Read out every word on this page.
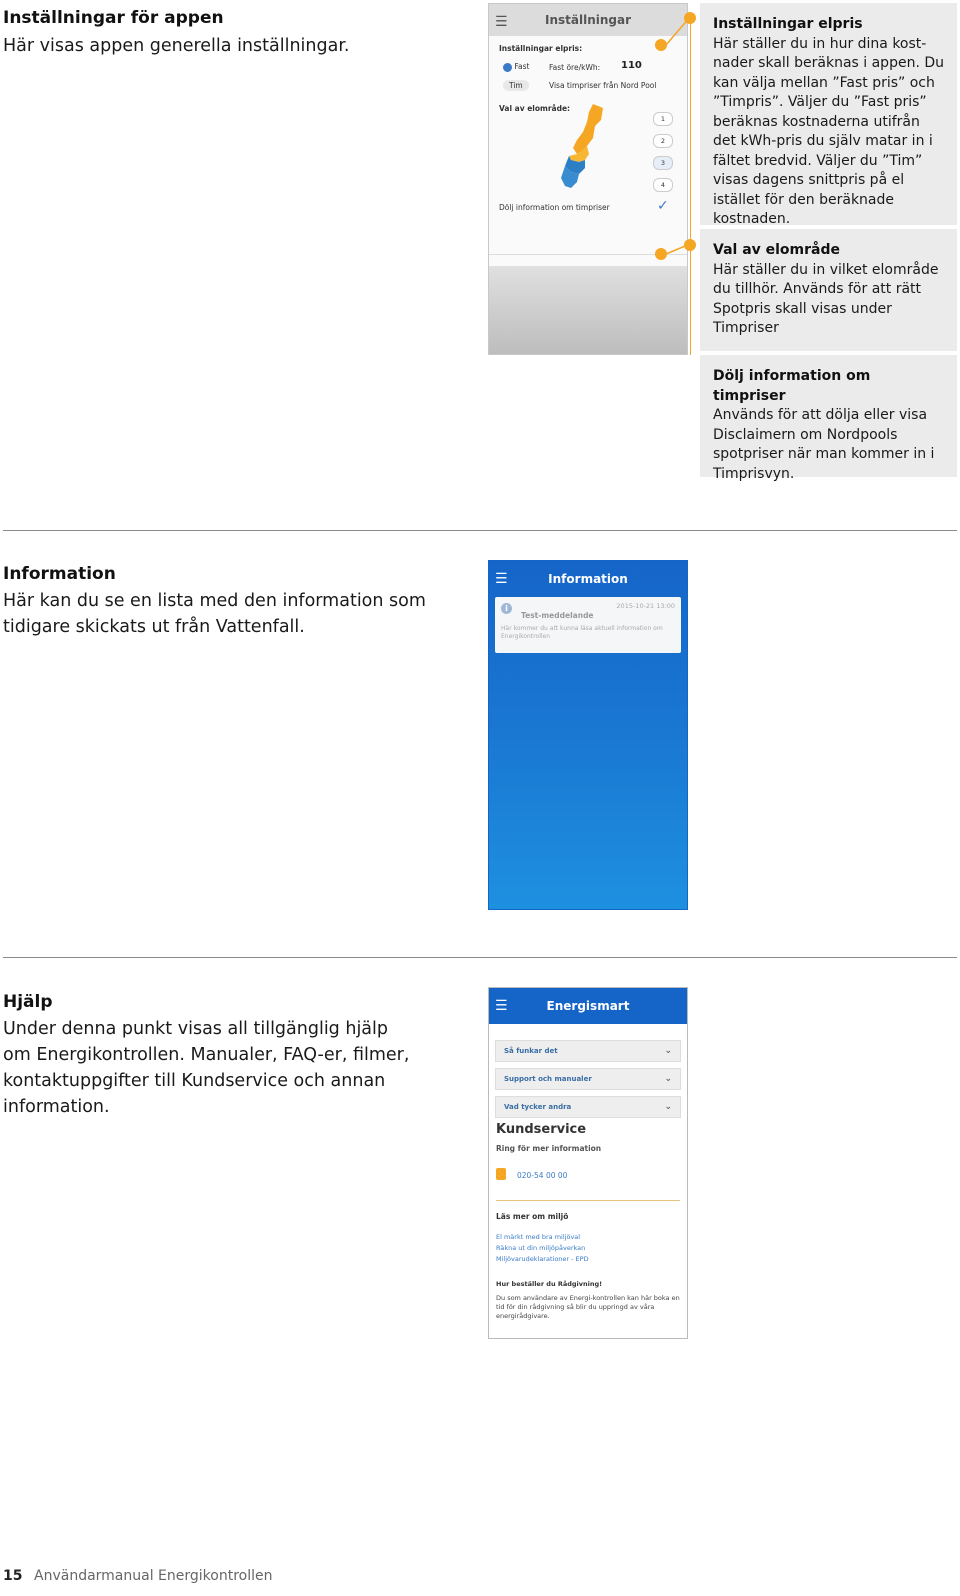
Inställningar för appen
Här visas appen generella inställningar.
☰	Inställningar
Inställningar elpris:
Fast	Fast öre/kWh: 110
Tim	Visa timpriser från Nord Pool
Val av elområde:
1
2
3
4
Dölj information om timpriser	✓
Inställningar elpris
Här ställer du in hur dina kost-nader skall beräknas i appen. Du kan välja mellan ”Fast pris” och ”Timpris”. Väljer du ”Fast pris” beräknas kostnaderna utifrån det kWh-pris du själv matar in i fältet bredvid. Väljer du ”Tim” visas dagens snittpris på el istället för den beräknade kostnaden.
Val av elområde
Här ställer du in vilket elområde du tillhör. Används för att rätt Spotpris skall visas under Timpriser
Dölj information om timpriser
Används för att dölja eller visa Disclaimern om Nordpools spotpriser när man kommer in i Timprisvyn.
Information
Här kan du se en lista med den information som tidigare skickats ut från Vattenfall.
☰	Information
i
Test-meddelande
2015-10-21 13:00
Här kommer du att kunna läsa aktuell information om Energikontrollen
Hjälp
Under denna punkt visas all tillgänglig hjälp om Energikontrollen. Manualer, FAQ-er, filmer, kontaktuppgifter till Kundservice och annan information.
☰	Energismart
Så funkar det	⌄
Support och manualer	⌄
Vad tycker andra	⌄
Kundservice
Ring för mer information
020-54 00 00
Läs mer om miljö
El märkt med bra miljöval
Räkna ut din miljöpåverkan
Miljövarudeklarationer - EPD
Hur beställer du Rådgivning!
Du som användare av Energi-kontrollen kan här boka en tid för din rådgivning så blir du uppringd av våra energirådgivare.
15 Användarmanual Energikontrollen
